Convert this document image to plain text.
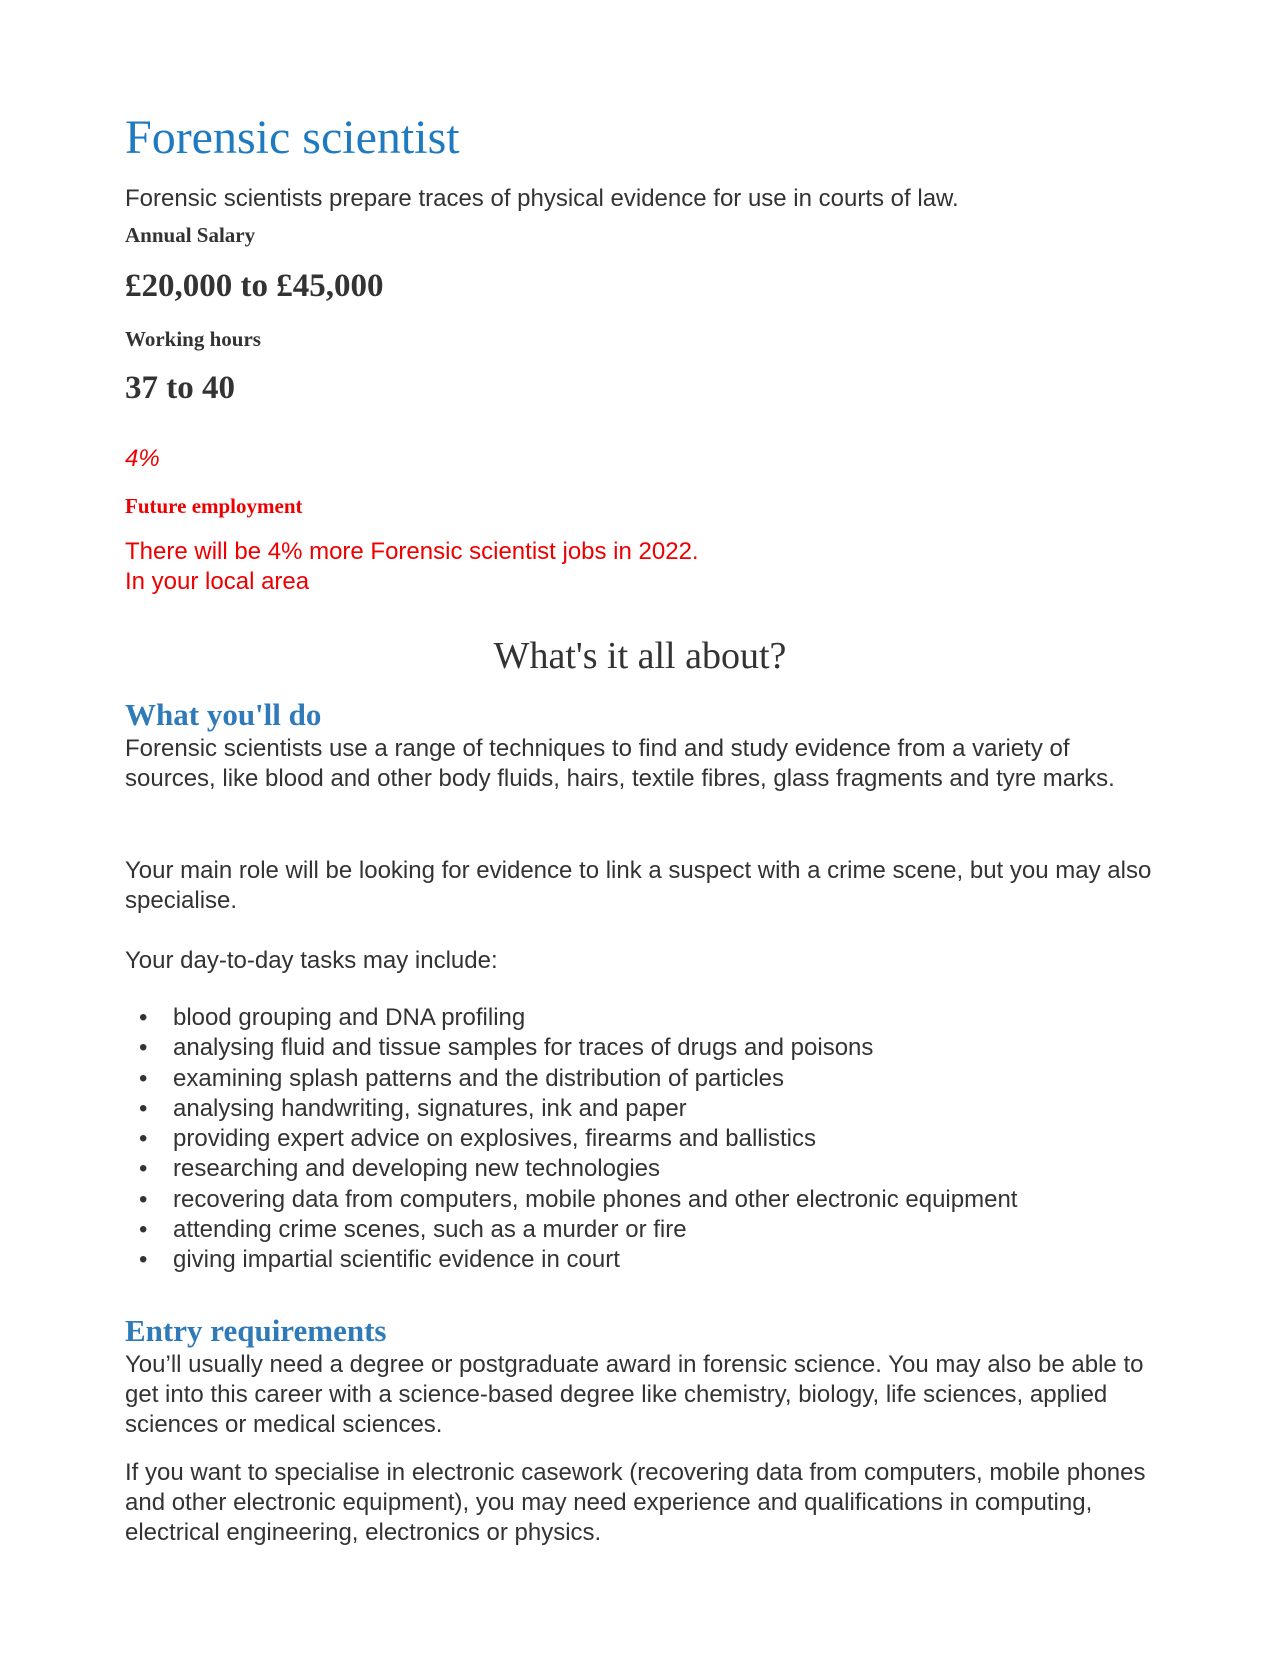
Forensic scientist

Forensic scientists prepare traces of physical evidence for use in courts of law.

Annual Salary

£20,000 to £45,000

Working hours

37 to 40

4%

Future employment

There will be 4% more Forensic scientist jobs in 2022.
In your local area

What's it all about?
What you'll do

Forensic scientists use a range of techniques to find and study evidence from a variety of sources, like blood and other body fluids, hairs, textile fibres, glass fragments and tyre marks.

Your main role will be looking for evidence to link a suspect with a crime scene, but you may also specialise.

Your day-to-day tasks may include:

• blood grouping and DNA profiling
• analysing fluid and tissue samples for traces of drugs and poisons
• examining splash patterns and the distribution of particles
• analysing handwriting, signatures, ink and paper
• providing expert advice on explosives, firearms and ballistics
• researching and developing new technologies
• recovering data from computers, mobile phones and other electronic equipment
• attending crime scenes, such as a murder or fire
• giving impartial scientific evidence in court
Entry requirements

You’ll usually need a degree or postgraduate award in forensic science. You may also be able to get into this career with a science-based degree like chemistry, biology, life sciences, applied sciences or medical sciences.

If you want to specialise in electronic casework (recovering data from computers, mobile phones and other electronic equipment), you may need experience and qualifications in computing, electrical engineering, electronics or physics.
